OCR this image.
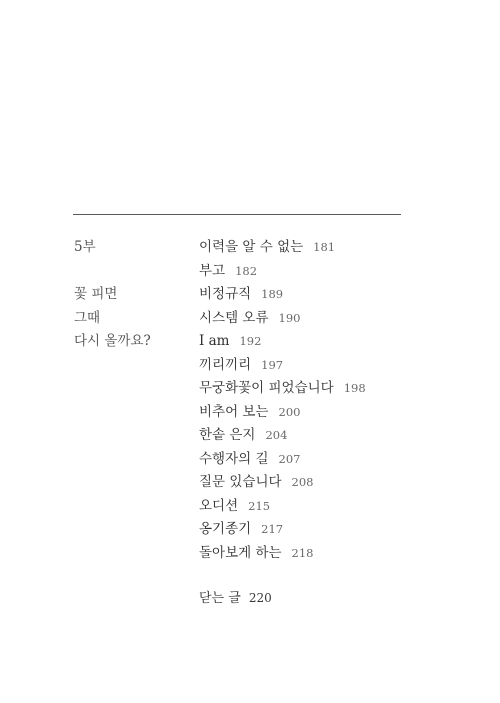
5부
꽃 피면
그때
다시 올까요?
이력을 알 수 없는 181
부고 182
비정규직 189
시스템 오류 190
I am 192
끼리끼리 197
무궁화꽃이 피었습니다 198
비추어 보는 200
한솥 은지 204
수행자의 길 207
질문 있습니다 208
오디션 215
옹기종기 217
돌아보게 하는 218
닫는 글 220
